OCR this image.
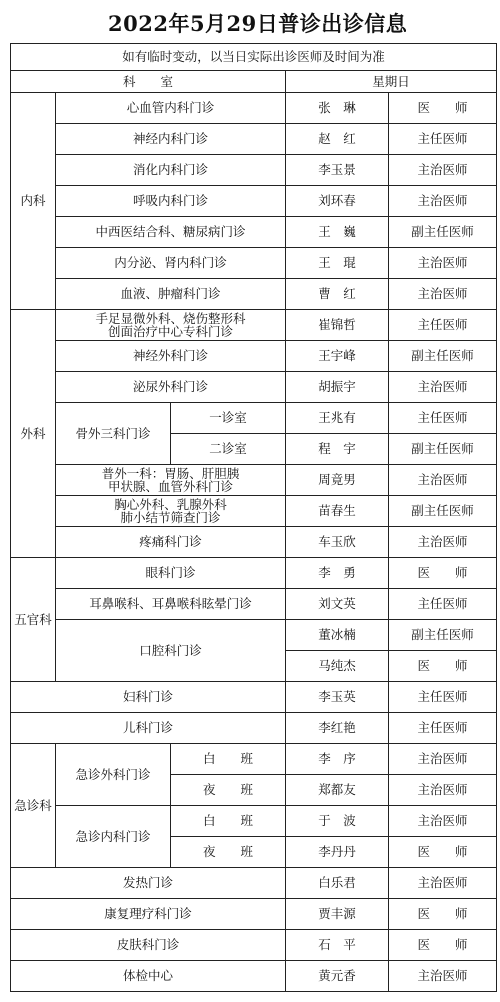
2022年5月29日普诊出诊信息
如有临时变动，以当日实际出诊医师及时间为准				
科　　室			星期日	
内科	心血管内科门诊		张　琳	医　　师
	神经内科门诊		赵　红	主任医师
	消化内科门诊		李玉景	主治医师
	呼吸内科门诊		刘环春	主治医师
	中西医结合科、糖尿病门诊		王　巍	副主任医师
	内分泌、肾内科门诊		王　琨	主治医师
	血液、肿瘤科门诊		曹　红	主治医师
外科	手足显微外科、烧伤整形科
创面治疗中心专科门诊		崔锦哲	主任医师
	神经外科门诊		王宇峰	副主任医师
	泌尿外科门诊		胡振宇	主治医师
	骨外三科门诊	一诊室	王兆有	主任医师
		二诊室	程　宇	副主任医师

	普外一科：胃肠、肝胆胰
甲状腺、血管外科门诊		周竟男	主治医师

	胸心外科、乳腺外科
肺小结节筛查门诊		苗春生	副主任医师
	疼痛科门诊		车玉欣	主治医师
五官科	眼科门诊		李　勇	医　　师
	耳鼻喉科、耳鼻喉科眩晕门诊		刘文英	主任医师
	口腔科门诊		董冰楠	副主任医师
			马纯杰	医　　师
妇科门诊			李玉英	主任医师
儿科门诊			李红艳	主任医师
急诊科	急诊外科门诊	白　　班	李　序	主治医师
		夜　　班	郑都友	主治医师
	急诊内科门诊	白　　班	于　波	主治医师
		夜　　班	李丹丹	医　　师
发热门诊			白乐君	主治医师
康复理疗科门诊			贾丰源	医　　师
皮肤科门诊			石　平	医　　师
体检中心			黄元香	主治医师
